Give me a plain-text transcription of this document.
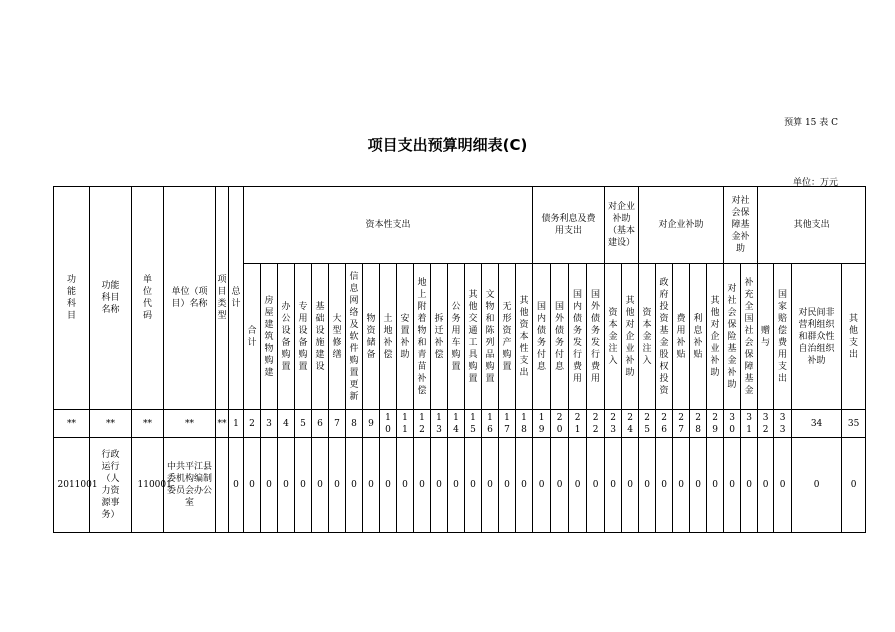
预算 15 表 C
项目支出预算明细表(C)
单位：万元
功能科目	功能科目名称	单位代码	单位（项目）名称	项目类型	总计	资本性支出																	债务利息及费用支出				对企业补助（基本建设）		对企业补助					对社会保障基金补助		其他支出			
						合计	房屋建筑物购建	办公设备购置	专用设备购置	基础设施建设	大型修缮	信息网络及软件购置更新	物资储备	土地补偿	安置补助	地上附着物和青苗补偿	拆迁补偿	公务用车购置	其他交通工具购置	文物和陈列品购置	无形资产购置	其他资本性支出	国内债务付息	国外债务付息	国内债务发行费用	国外债务发行费用	资本金注入	其他对企业补助	资本金注入	政府投资基金股权投资	费用补贴	利息补贴	其他对企业补助	对社会保险基金补助	补充全国社会保障基金	赠与	国家赔偿费用支出	对民间非营利组织和群众性自治组织补助	其他支出
**	**	**	**	**	1	2	3	4	5	6	7	8	9	10	11	12	13	14	15	16	17	18	19	20	21	22	23	24	25	26	27	28	29	30	31	32	33	34	35
2011001	行政运行（人力资源事务）	110001	中共平江县委机构编制委员会办公室		0	0	0	0	0	0	0	0	0	0	0	0	0	0	0	0	0	0	0	0	0	0	0	0	0	0	0	0	0	0	0	0	0	0	0
